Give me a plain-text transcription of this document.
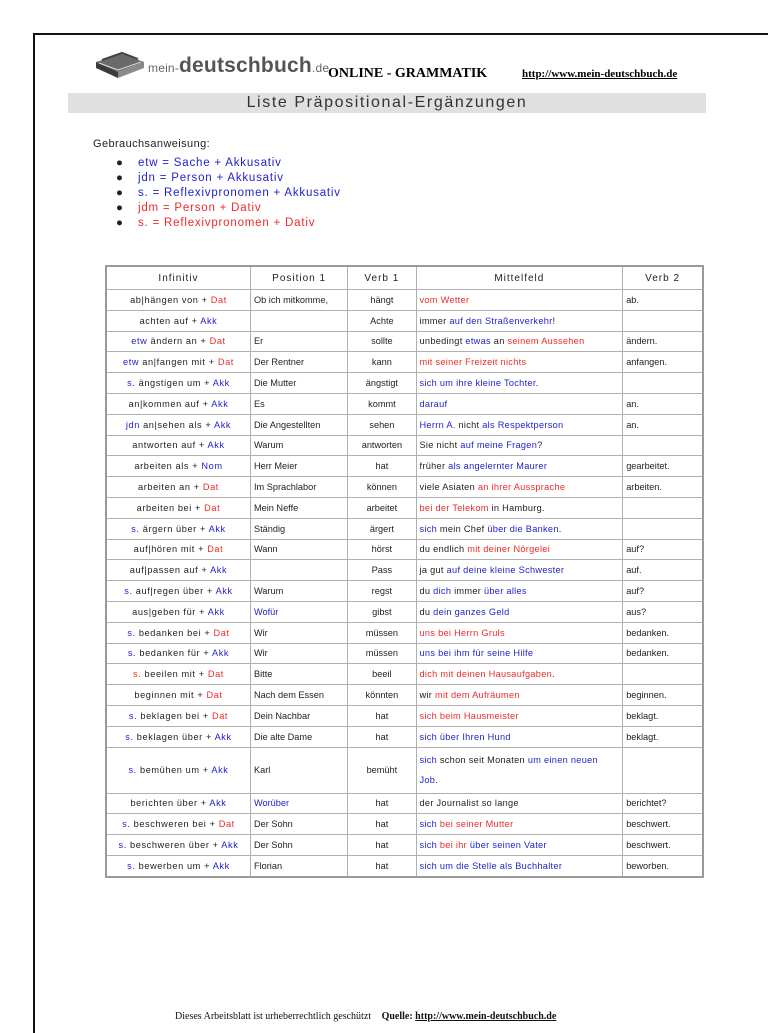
mein-deutschbuch.de
ONLINE - GRAMMATIK	http://www.mein-deutschbuch.de
Liste Präpositional-Ergänzungen
Gebrauchsanweisung:
● etw = Sache + Akkusativ
● jdn = Person + Akkusativ
● s. = Reflexivpronomen + Akkusativ
● jdm = Person + Dativ
● s. = Reflexivpronomen + Dativ
Infinitiv	Position 1	Verb 1	Mittelfeld	Verb 2
ab|hängen von + Dat	Ob ich mitkomme,	hängt	vom Wetter	ab.
achten auf + Akk		Achte	immer auf den Straßenverkehr!	
etw ändern an + Dat	Er	sollte	unbedingt etwas an seinem Aussehen	ändern.
etw an|fangen mit + Dat	Der Rentner	kann	mit seiner Freizeit nichts	anfangen.
s. ängstigen um + Akk	Die Mutter	ängstigt	sich um ihre kleine Tochter.	
an|kommen auf + Akk	Es	kommt	darauf	an.
jdn an|sehen als + Akk	Die Angestellten	sehen	Herrn A. nicht als Respektperson	an.
antworten auf + Akk	Warum	antworten	Sie nicht auf meine Fragen?	
arbeiten als + Nom	Herr Meier	hat	früher als angelernter Maurer	gearbeitet.
arbeiten an + Dat	Im Sprachlabor	können	viele Asiaten an ihrer Aussprache	arbeiten.
arbeiten bei + Dat	Mein Neffe	arbeitet	bei der Telekom in Hamburg.	
s. ärgern über + Akk	Ständig	ärgert	sich mein Chef über die Banken.	
auf|hören mit + Dat	Wann	hörst	du endlich mit deiner Nörgelei	auf?
auf|passen auf + Akk		Pass	ja gut auf deine kleine Schwester	auf.
s. auf|regen über + Akk	Warum	regst	du dich immer über alles	auf?
aus|geben für + Akk	Wofür	gibst	du dein ganzes Geld	aus?
s. bedanken bei + Dat	Wir	müssen	uns bei Herrn Gruls	bedanken.
s. bedanken für + Akk	Wir	müssen	uns bei ihm für seine Hilfe	bedanken.
s. beeilen mit + Dat	Bitte	beeil	dich mit deinen Hausaufgaben.	
beginnen mit + Dat	Nach dem Essen	könnten	wir mit dem Aufräumen	beginnen.
s. beklagen bei + Dat	Dein Nachbar	hat	sich beim Hausmeister	beklagt.
s. beklagen über + Akk	Die alte Dame	hat	sich über Ihren Hund	beklagt.
s. bemühen um + Akk	Karl	bemüht	sich schon seit Monaten um einen neuen Job.	
berichten über + Akk	Worüber	hat	der Journalist so lange	berichtet?
s. beschweren bei + Dat	Der Sohn	hat	sich bei seiner Mutter	beschwert.
s. beschweren über + Akk	Der Sohn	hat	sich bei ihr über seinen Vater	beschwert.
s. bewerben um + Akk	Florian	hat	sich um die Stelle als Buchhalter	beworben.
Dieses Arbeitsblatt ist urheberrechtlich geschützt Quelle: http://www.mein-deutschbuch.de
